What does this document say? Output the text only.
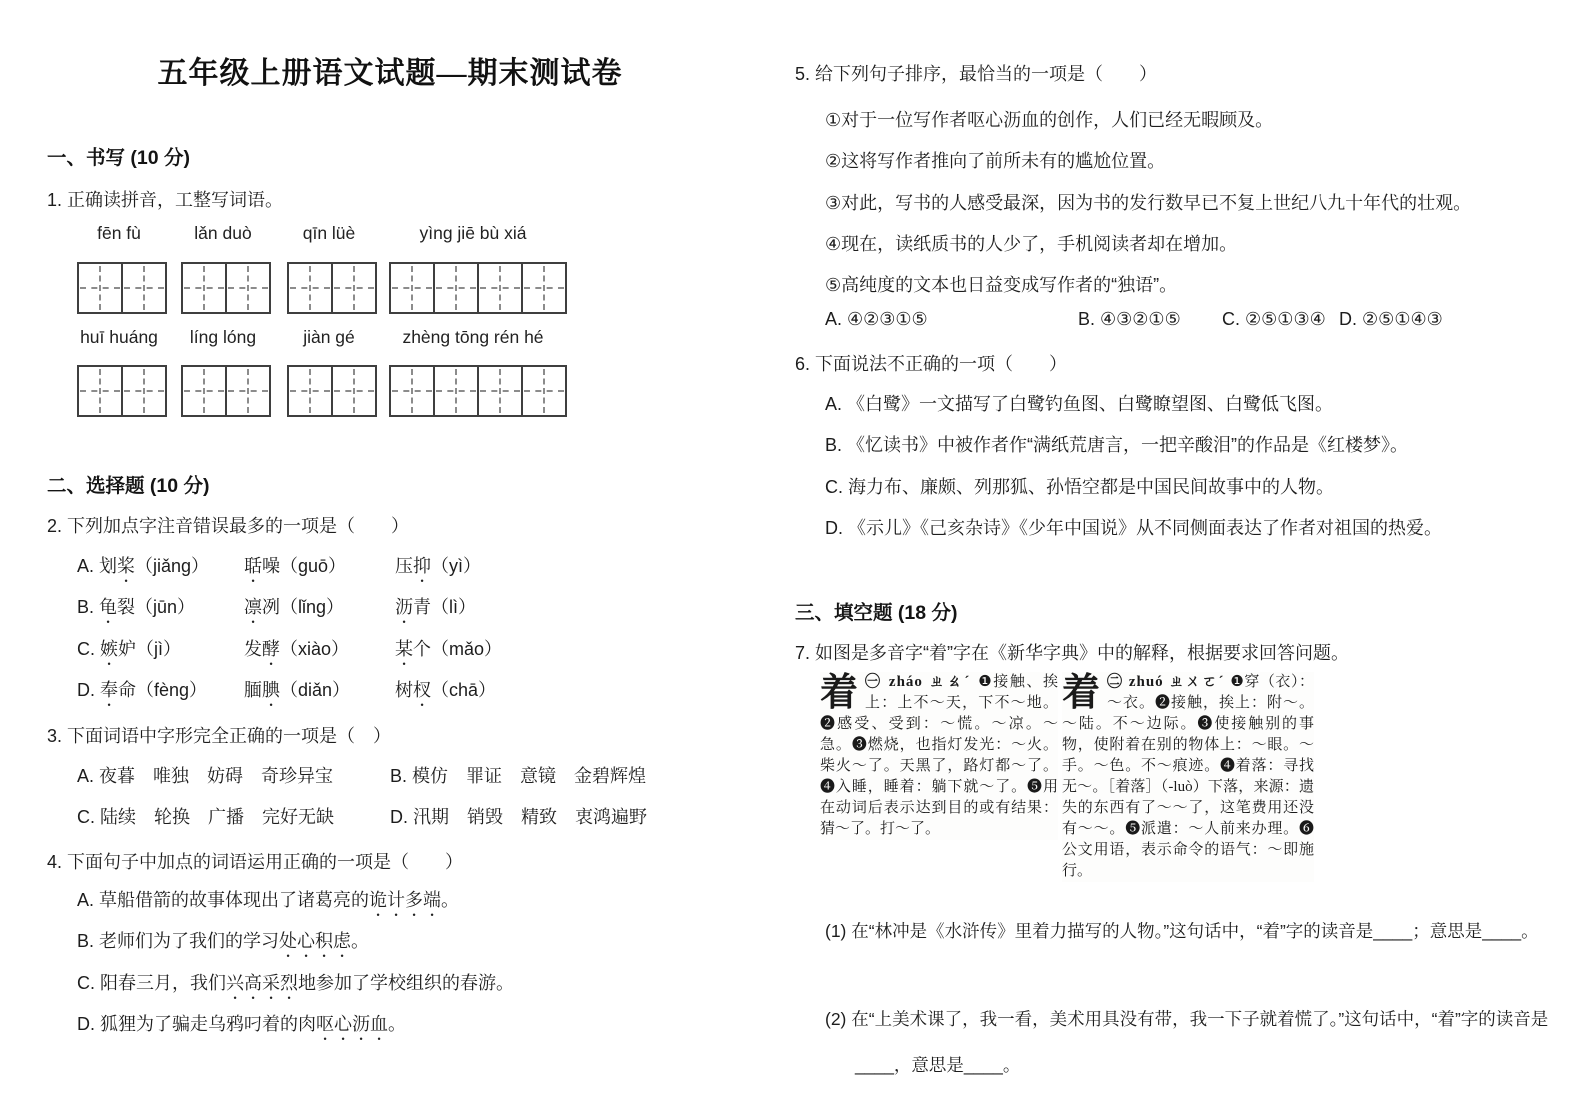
五年级上册语文试题—期末测试卷
一、书写 (10 分)
1. 正确读拼音，工整写词语。
fēn fù	lǎn duò	qīn lüè	yìng jiē bù xiá
huī huáng	líng lóng	jiàn gé	zhèng tōng rén hé
二、选择题 (10 分)
2. 下列加点字注音错误最多的一项是（　　）
A. 划桨（jiǎng）	聒噪（guō）	压抑（yì）
B. 龟裂（jūn）	凛冽（lǐng）	沥青（lì）
C. 嫉妒（jì）	发酵（xiào）	某个（mǎo）
D. 奉命（fèng）	腼腆（diǎn）	树杈（chā）
3. 下面词语中字形完全正确的一项是（　）
A. 夜暮　唯独　妨碍　奇珍异宝	B. 模仿　罪证　意镜　金碧辉煌
C. 陆续　轮换　广播　完好无缺	D. 汛期　销毁　精致　衷鸿遍野
4. 下面句子中加点的词语运用正确的一项是（　　）
A. 草船借箭的故事体现出了诸葛亮的诡计多端。
B. 老师们为了我们的学习处心积虑。
C. 阳春三月，我们兴高采烈地参加了学校组织的春游。
D. 狐狸为了骗走乌鸦叼着的肉呕心沥血。
5. 给下列句子排序，最恰当的一项是（　　）
①对于一位写作者呕心沥血的创作，人们已经无暇顾及。
②这将写作者推向了前所未有的尴尬位置。
③对此，写书的人感受最深，因为书的发行数早已不复上世纪八九十年代的壮观。
④现在，读纸质书的人少了，手机阅读者却在增加。
⑤高纯度的文本也日益变成写作者的“独语”。
A. ④②③①⑤	B. ④③②①⑤ C. ②⑤①③④ D. ②⑤①④③
6. 下面说法不正确的一项（　　）
A. 《白鹭》一文描写了白鹭钓鱼图、白鹭瞭望图、白鹭低飞图。
B. 《忆读书》中被作者作“满纸荒唐言，一把辛酸泪”的作品是《红楼梦》。
C. 海力布、廉颇、列那狐、孙悟空都是中国民间故事中的人物。
D. 《示儿》《己亥杂诗》《少年中国说》从不同侧面表达了作者对祖国的热爱。
三、填空题 (18 分)
7. 如图是多音字“着”字在《新华字典》中的解释，根据要求回答问题。
着 ㊀ zháo ㄓㄠˊ ❶接触、挨上：上不～天，下不～地。❷感受、受到：～慌。～凉。～急。❸燃烧，也指灯发光：～火。柴火～了。天黑了，路灯都～了。❹入睡，睡着：躺下就～了。❺用在动词后表示达到目的或有结果：猜～了。打～了。
着 ㊁ zhuó ㄓㄨㄛˊ ❶穿（衣）：～衣。❷接触，挨上：附～。～陆。不～边际。❸使接触别的事物，使附着在别的物体上：～眼。～手。～色。不～痕迹。❹着落：寻找无～。［着落］（-luò）下落，来源：遗失的东西有了～～了，这笔费用还没有～～。❺派遣：～人前来办理。❻公文用语，表示命令的语气：～即施行。
(1) 在“林冲是《水浒传》里着力描写的人物。”这句话中，“着”字的读音是____；意思是____。
(2) 在“上美术课了，我一看，美术用具没有带，我一下子就着慌了。”这句话中，“着”字的读音是____，意思是____。
